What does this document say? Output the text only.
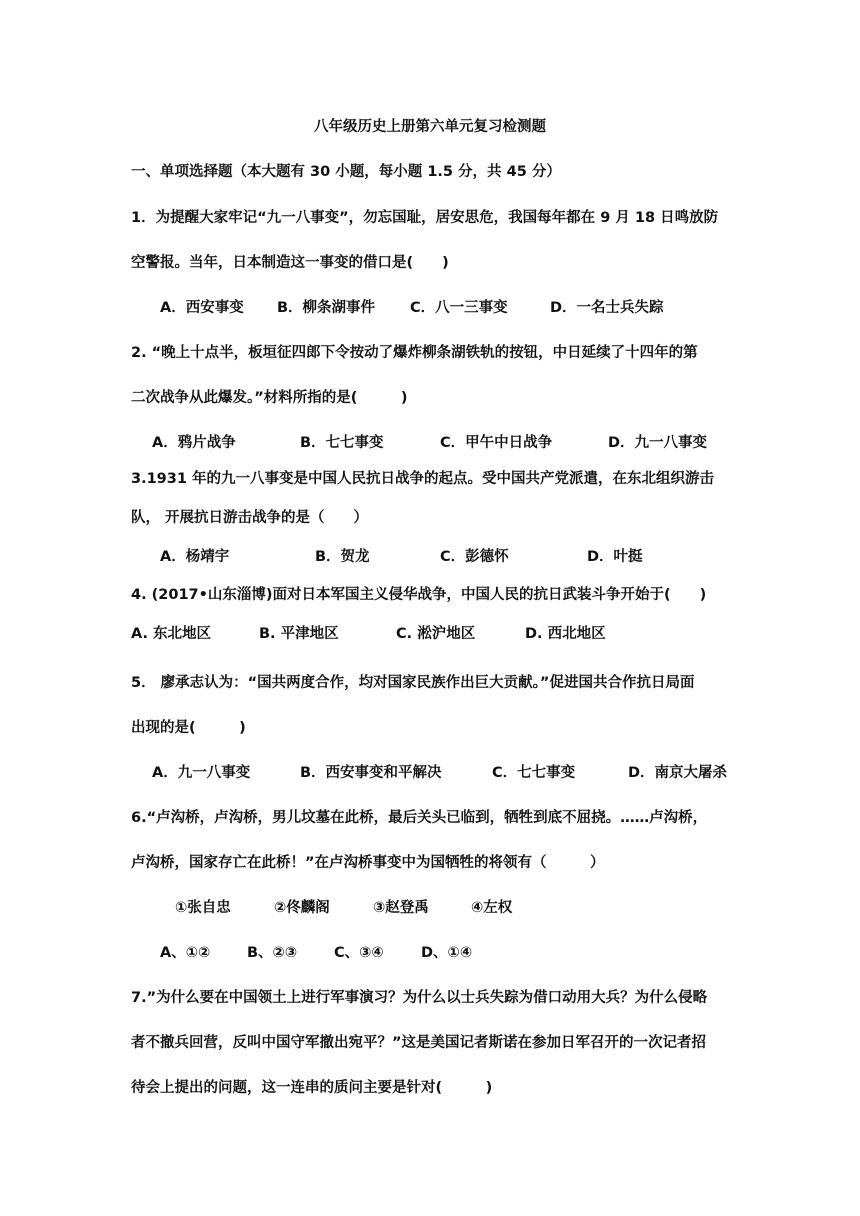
八年级历史上册第六单元复习检测题
一、单项选择题（本大题有 30 小题，每小题 1.5 分，共 45 分）
1．为提醒大家牢记“九一八事变”，勿忘国耻，居安思危，我国每年都在 9 月 18 日鸣放防
空警报。当年，日本制造这一事变的借口是(　　)
A．西安事变 B．柳条湖事件 C．八一三事变	D．一名士兵失踪
2. “晚上十点半，板垣征四郎下令按动了爆炸柳条湖铁轨的按钮，中日延续了十四年的第
二次战争从此爆发。”材料所指的是(　　　)
A．鸦片战争	B．七七事变	C．甲午中日战争	D．九一八事变
3.1931 年的九一八事变是中国人民抗日战争的起点。受中国共产党派遣，在东北组织游击
队， 开展抗日游击战争的是（　　）
A．杨靖宇	B．贺龙	C．彭德怀	D．叶挺
4. (2017•山东淄博)面对日本军国主义侵华战争，中国人民的抗日武装斗争开始于(　　)
A. 东北地区	B. 平津地区	C. 淞沪地区	D. 西北地区
5． 廖承志认为：“国共两度合作，均对国家民族作出巨大贡献。”促进国共合作抗日局面
出现的是(　　　)
A．九一八事变	B．西安事变和平解决	C．七七事变	D．南京大屠杀
6.“卢沟桥，卢沟桥，男儿坟墓在此桥，最后关头已临到，牺牲到底不屈挠。……卢沟桥，
卢沟桥，国家存亡在此桥！”在卢沟桥事变中为国牺牲的将领有（　　　）
①张自忠	②佟麟阁	③赵登禹	④左权
A、①②	B、②③	C、③④	D、①④
7.”为什么要在中国领土上进行军事演习？为什么以士兵失踪为借口动用大兵？为什么侵略
者不撤兵回营，反叫中国守军撤出宛平？”这是美国记者斯诺在参加日军召开的一次记者招
待会上提出的问题，这一连串的质问主要是针对(　　　)
